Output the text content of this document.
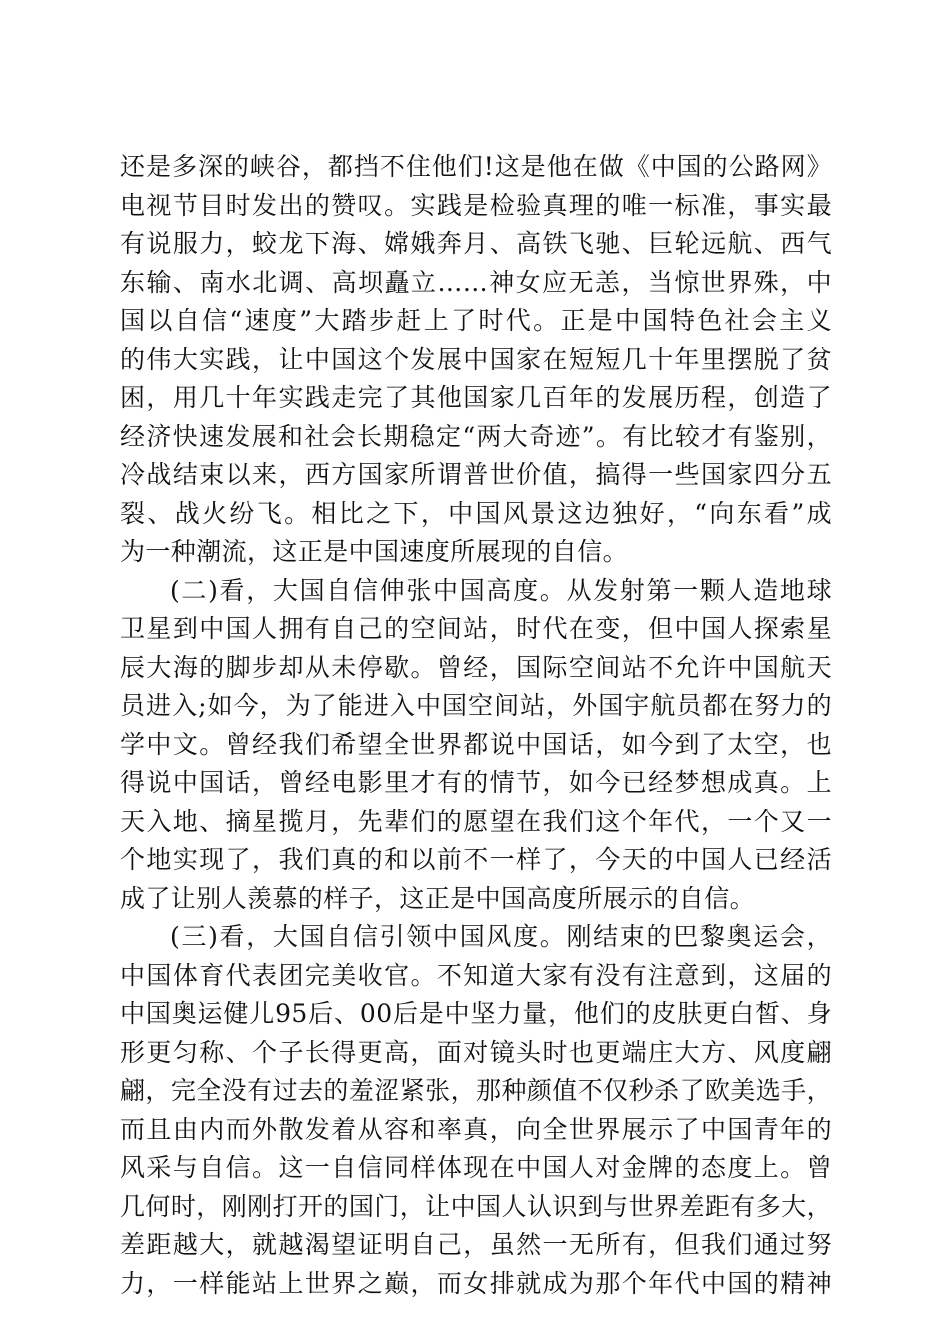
还是多深的峡谷，都挡不住他们!这是他在做《中国的公路网》
电视节目时发出的赞叹。实践是检验真理的唯一标准，事实最
有说服力，蛟龙下海、嫦娥奔月、高铁飞驰、巨轮远航、西气
东输、南水北调、高坝矗立……神女应无恙，当惊世界殊，中
国以自信“速度”大踏步赶上了时代。正是中国特色社会主义
的伟大实践，让中国这个发展中国家在短短几十年里摆脱了贫
困，用几十年实践走完了其他国家几百年的发展历程，创造了
经济快速发展和社会长期稳定“两大奇迹”。有比较才有鉴别，
冷战结束以来，西方国家所谓普世价值，搞得一些国家四分五
裂、战火纷飞。相比之下，中国风景这边独好，“向东看”成
为一种潮流，这正是中国速度所展现的自信。
(二)看，大国自信伸张中国高度。从发射第一颗人造地球
卫星到中国人拥有自己的空间站，时代在变，但中国人探索星
辰大海的脚步却从未停歇。曾经，国际空间站不允许中国航天
员进入;如今，为了能进入中国空间站，外国宇航员都在努力的
学中文。曾经我们希望全世界都说中国话，如今到了太空，也
得说中国话，曾经电影里才有的情节，如今已经梦想成真。上
天入地、摘星揽月，先辈们的愿望在我们这个年代，一个又一
个地实现了，我们真的和以前不一样了，今天的中国人已经活
成了让别人羡慕的样子，这正是中国高度所展示的自信。
(三)看，大国自信引领中国风度。刚结束的巴黎奥运会，
中国体育代表团完美收官。不知道大家有没有注意到，这届的
中国奥运健儿95后、00后是中坚力量，他们的皮肤更白皙、身
形更匀称、个子长得更高，面对镜头时也更端庄大方、风度翩
翩，完全没有过去的羞涩紧张，那种颜值不仅秒杀了欧美选手，
而且由内而外散发着从容和率真，向全世界展示了中国青年的
风采与自信。这一自信同样体现在中国人对金牌的态度上。曾
几何时，刚刚打开的国门，让中国人认识到与世界差距有多大，
差距越大，就越渴望证明自己，虽然一无所有，但我们通过努
力，一样能站上世界之巅，而女排就成为那个年代中国的精神
